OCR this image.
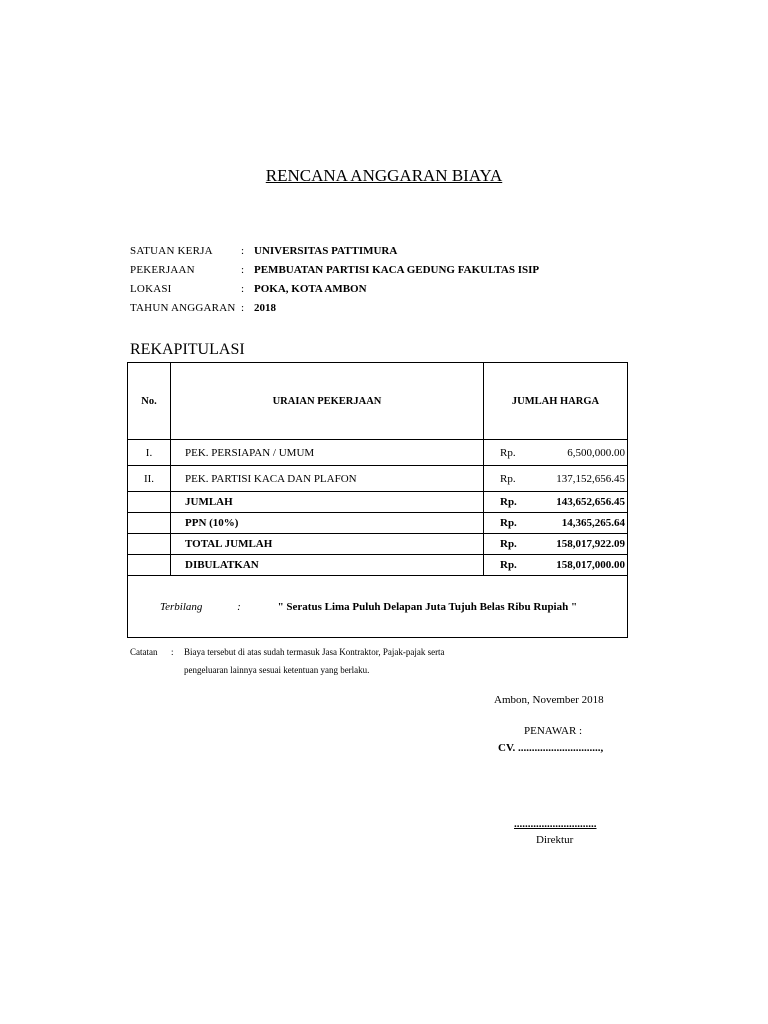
RENCANA ANGGARAN BIAYA
SATUAN KERJA	: UNIVERSITAS PATTIMURA
PEKERJAAN	: PEMBUATAN PARTISI KACA GEDUNG FAKULTAS ISIP
LOKASI	: POKA, KOTA AMBON
TAHUN ANGGARAN : 2018
REKAPITULASI
No.	URAIAN PEKERJAAN	JUMLAH HARGA
I.	PEK. PERSIAPAN / UMUM	Rp. 6,500,000.00
II.	PEK. PARTISI KACA DAN PLAFON	Rp. 137,152,656.45
	JUMLAH	Rp. 143,652,656.45
	PPN (10%)	Rp. 14,365,265.64
	TOTAL JUMLAH	Rp. 158,017,922.09
	DIBULATKAN	Rp. 158,017,000.00
Terbilang : " Seratus Lima Puluh Delapan Juta Tujuh Belas Ribu Rupiah "		
Catatan : Biaya tersebut di atas sudah termasuk Jasa Kontraktor, Pajak-pajak serta
pengeluaran lainnya sesuai ketentuan yang berlaku.
Ambon, November 2018
PENAWAR :
CV. ..............................,
..............................
Direktur
